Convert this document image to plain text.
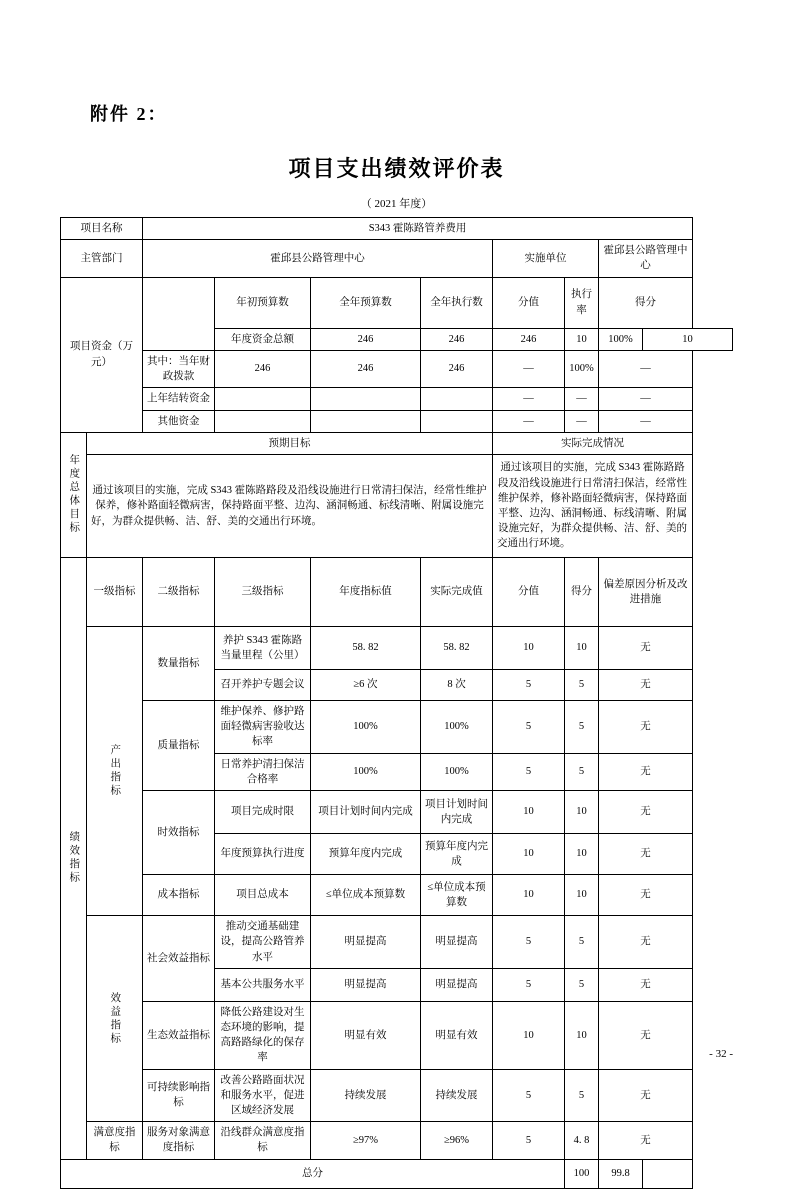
附件 2：
项目支出绩效评价表
（ 2021 年度）
项目名称		S343 霍陈路管养费用							
主管部门		霍邱县公路管理中心				实施单位		霍邱县公路管理中心	
项目资金（万元）			年初预算数	全年预算数	全年执行数	分值	执行率	得分	
			年度资金总额	246	246	246	10	100%	10
		其中：当年财政拨款	246	246	246	—	100%	—	
		上年结转资金				—	—	—	
		其他资金				—	—	—	

年度总体目标	预期目标					实际完成情况			
	通过该项目的实施，完成 S343 霍陈路路段及沿线设施进行日常清扫保洁，经常性维护保养，修补路面轻微病害，保持路面平整、边沟、涵洞畅通、标线清晰、附属设施完好，为群众提供畅、洁、舒、美的交通出行环境。					通过该项目的实施，完成 S343 霍陈路路段及沿线设施进行日常清扫保洁，经常性维护保养，修补路面轻微病害，保持路面平整、边沟、涵洞畅通、标线清晰、附属设施完好，为群众提供畅、洁、舒、美的交通出行环境。			

绩效指标	一级指标	二级指标	三级指标	年度指标值	实际完成值	分值	得分	偏差原因分析及改进措施	

	产出指标	数量指标	养护 S343 霍陈路当量里程（公里）	58. 82	58. 82	10	10	无	
			召开养护专题会议	≥6 次	8 次	5	5	无	
		质量指标	维护保养、修护路面轻微病害验收达标率	100%	100%	5	5	无	
			日常养护清扫保洁合格率	100%	100%	5	5	无	
		时效指标	项目完成时限	项目计划时间内完成	项目计划时间内完成	10	10	无	
			年度预算执行进度	预算年度内完成	预算年度内完成	10	10	无	
		成本指标	项目总成本	≤单位成本预算数	≤单位成本预算数	10	10	无	

	效益指标	社会效益指标	推动交通基础建设，提高公路管养水平	明显提高	明显提高	5	5	无	
			基本公共服务水平	明显提高	明显提高	5	5	无	
		生态效益指标	降低公路建设对生态环境的影响，提高路路绿化的保存率	明显有效	明显有效	10	10	无	
		可持续影响指标	改善公路路面状况和服务水平，促进区域经济发展	持续发展	持续发展	5	5	无	
	满意度指标	服务对象满意度指标	沿线群众满意度指标	≥97%	≥96%	5	4. 8	无	
总分							100	99.8	
- 32 -
